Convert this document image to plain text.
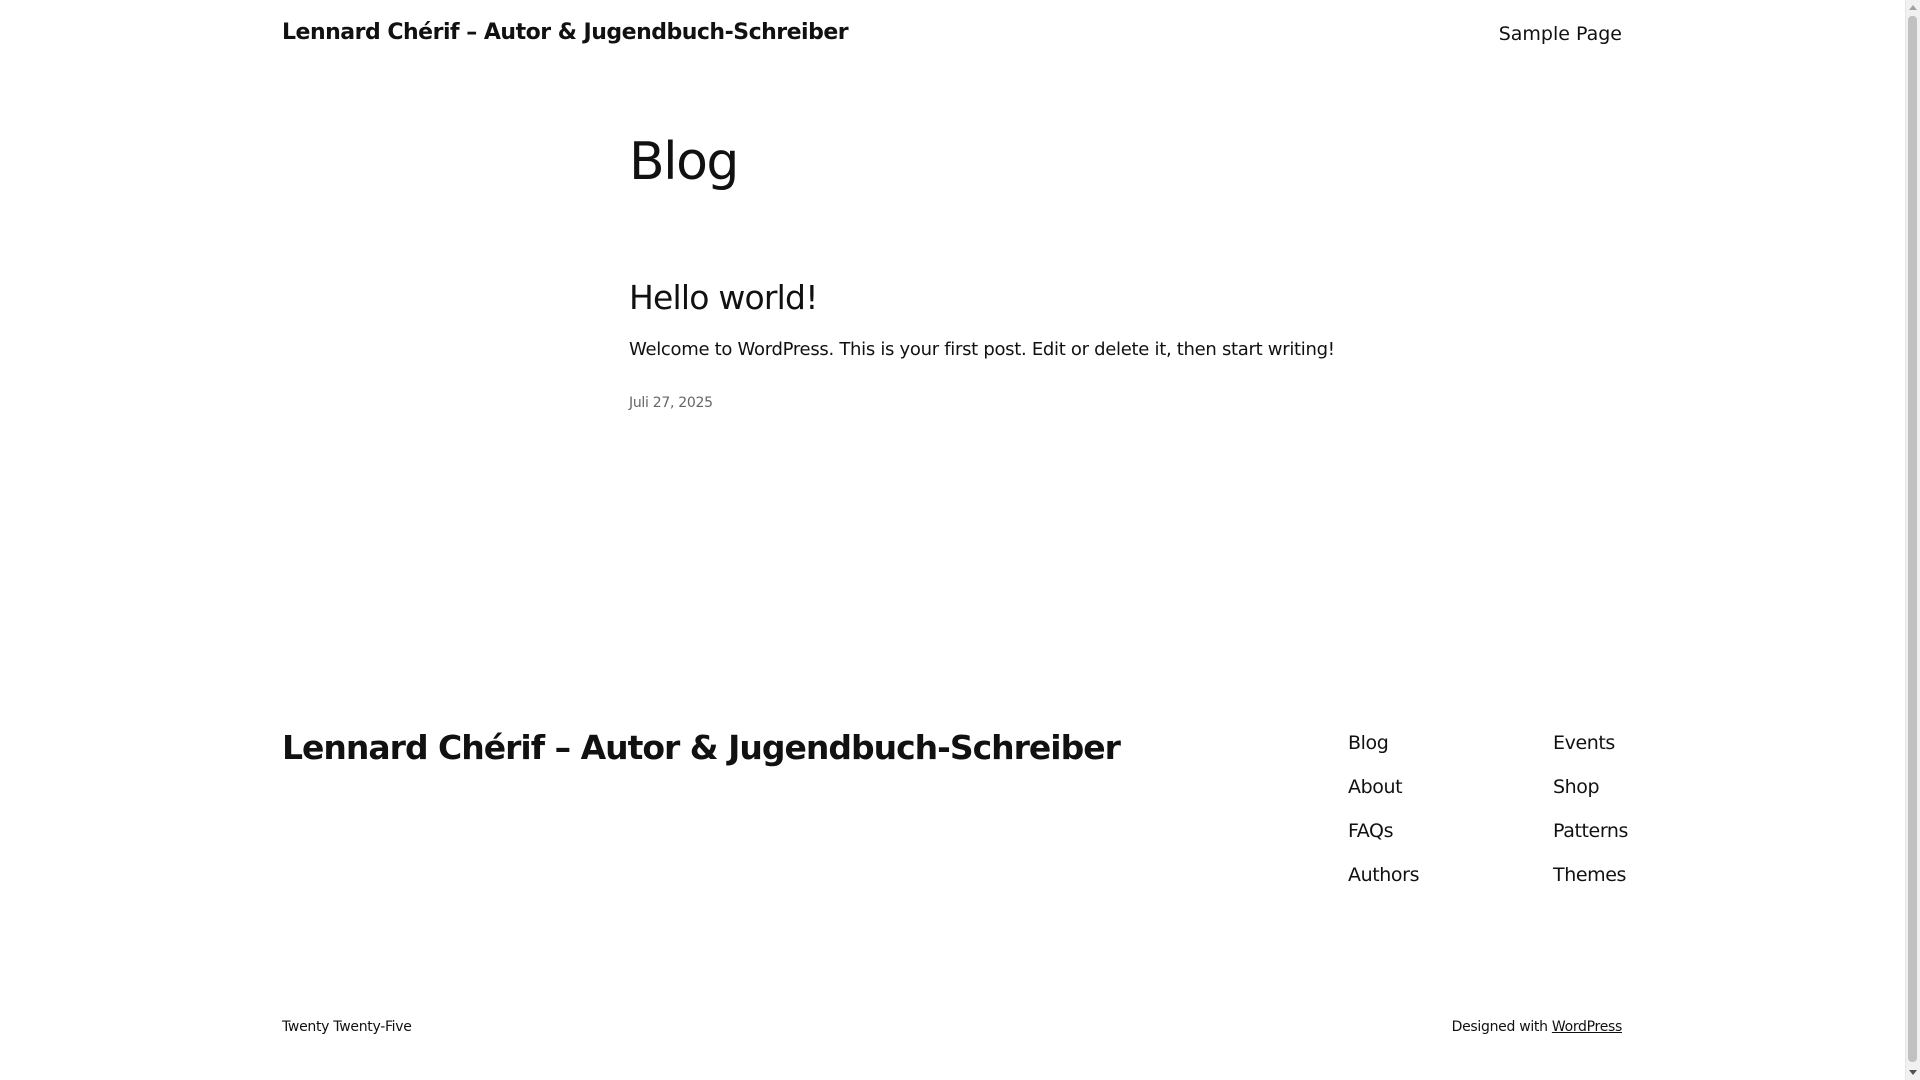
Lennard Chérif – Autor & Jugendbuch-Schreiber	Sample Page
Blog
Hello world!

Welcome to WordPress. This is your first post. Edit or delete it, then start writing!

Juli 27, 2025
Lennard Chérif – Autor & Jugendbuch-Schreiber	Blog
About
FAQs
Authors
Events
Shop
Patterns
Themes
Twenty Twenty-Five	Designed with WordPress
